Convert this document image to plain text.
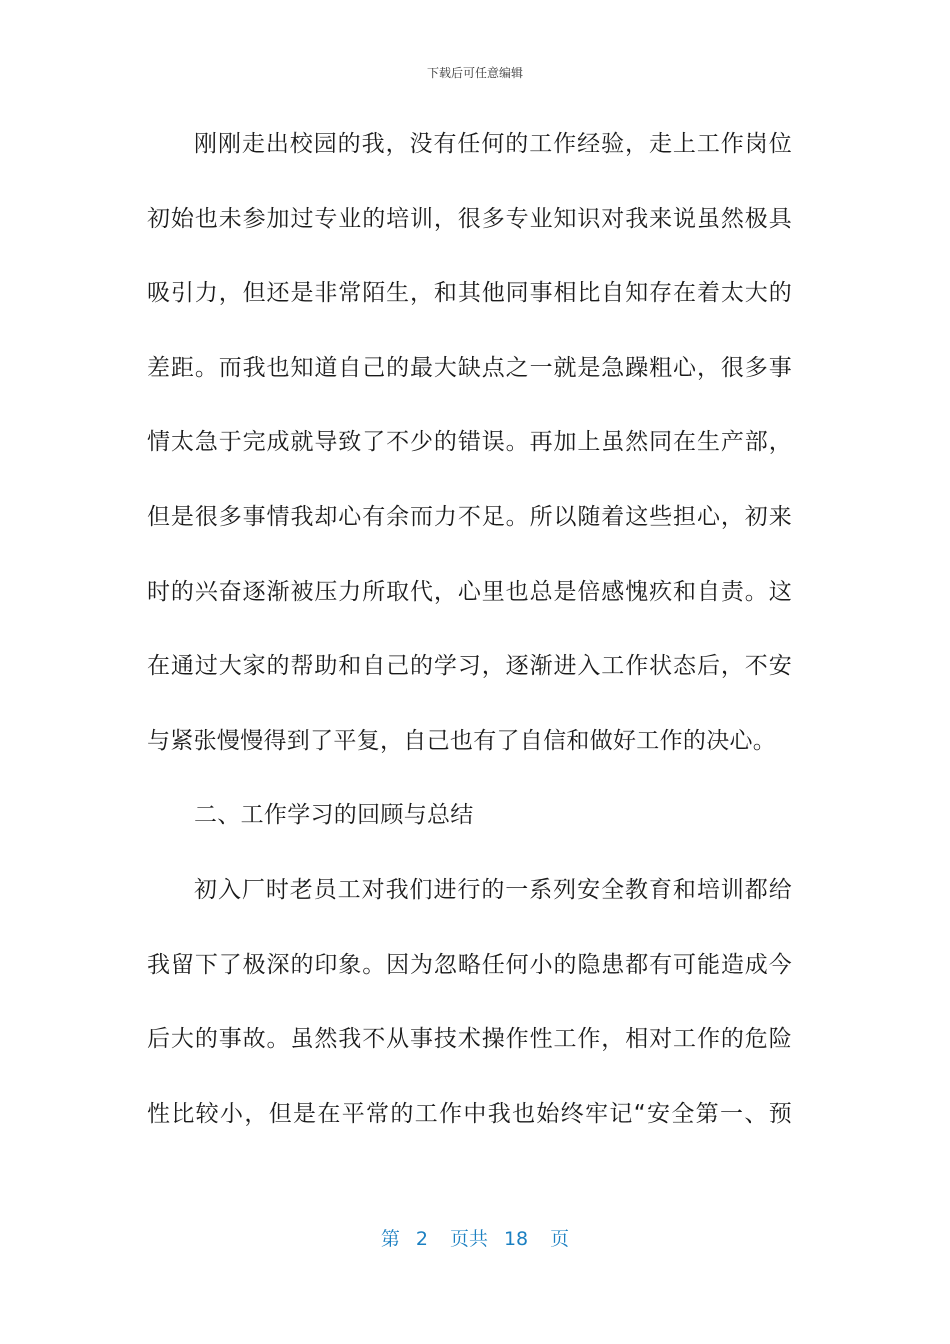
下载后可任意编辑
刚刚走出校园的我，没有任何的工作经验，走上工作岗位
初始也未参加过专业的培训，很多专业知识对我来说虽然极具
吸引力，但还是非常陌生，和其他同事相比自知存在着太大的
差距。而我也知道自己的最大缺点之一就是急躁粗心，很多事
情太急于完成就导致了不少的错误。再加上虽然同在生产部，
但是很多事情我却心有余而力不足。所以随着这些担心，初来
时的兴奋逐渐被压力所取代，心里也总是倍感愧疚和自责。这
在通过大家的帮助和自己的学习，逐渐进入工作状态后，不安
与紧张慢慢得到了平复，自己也有了自信和做好工作的决心。
二、工作学习的回顾与总结
初入厂时老员工对我们进行的一系列安全教育和培训都给
我留下了极深的印象。因为忽略任何小的隐患都有可能造成今
后大的事故。虽然我不从事技术操作性工作，相对工作的危险
性比较小，但是在平常的工作中我也始终牢记“安全第一、预
第 2 页共 18 页
